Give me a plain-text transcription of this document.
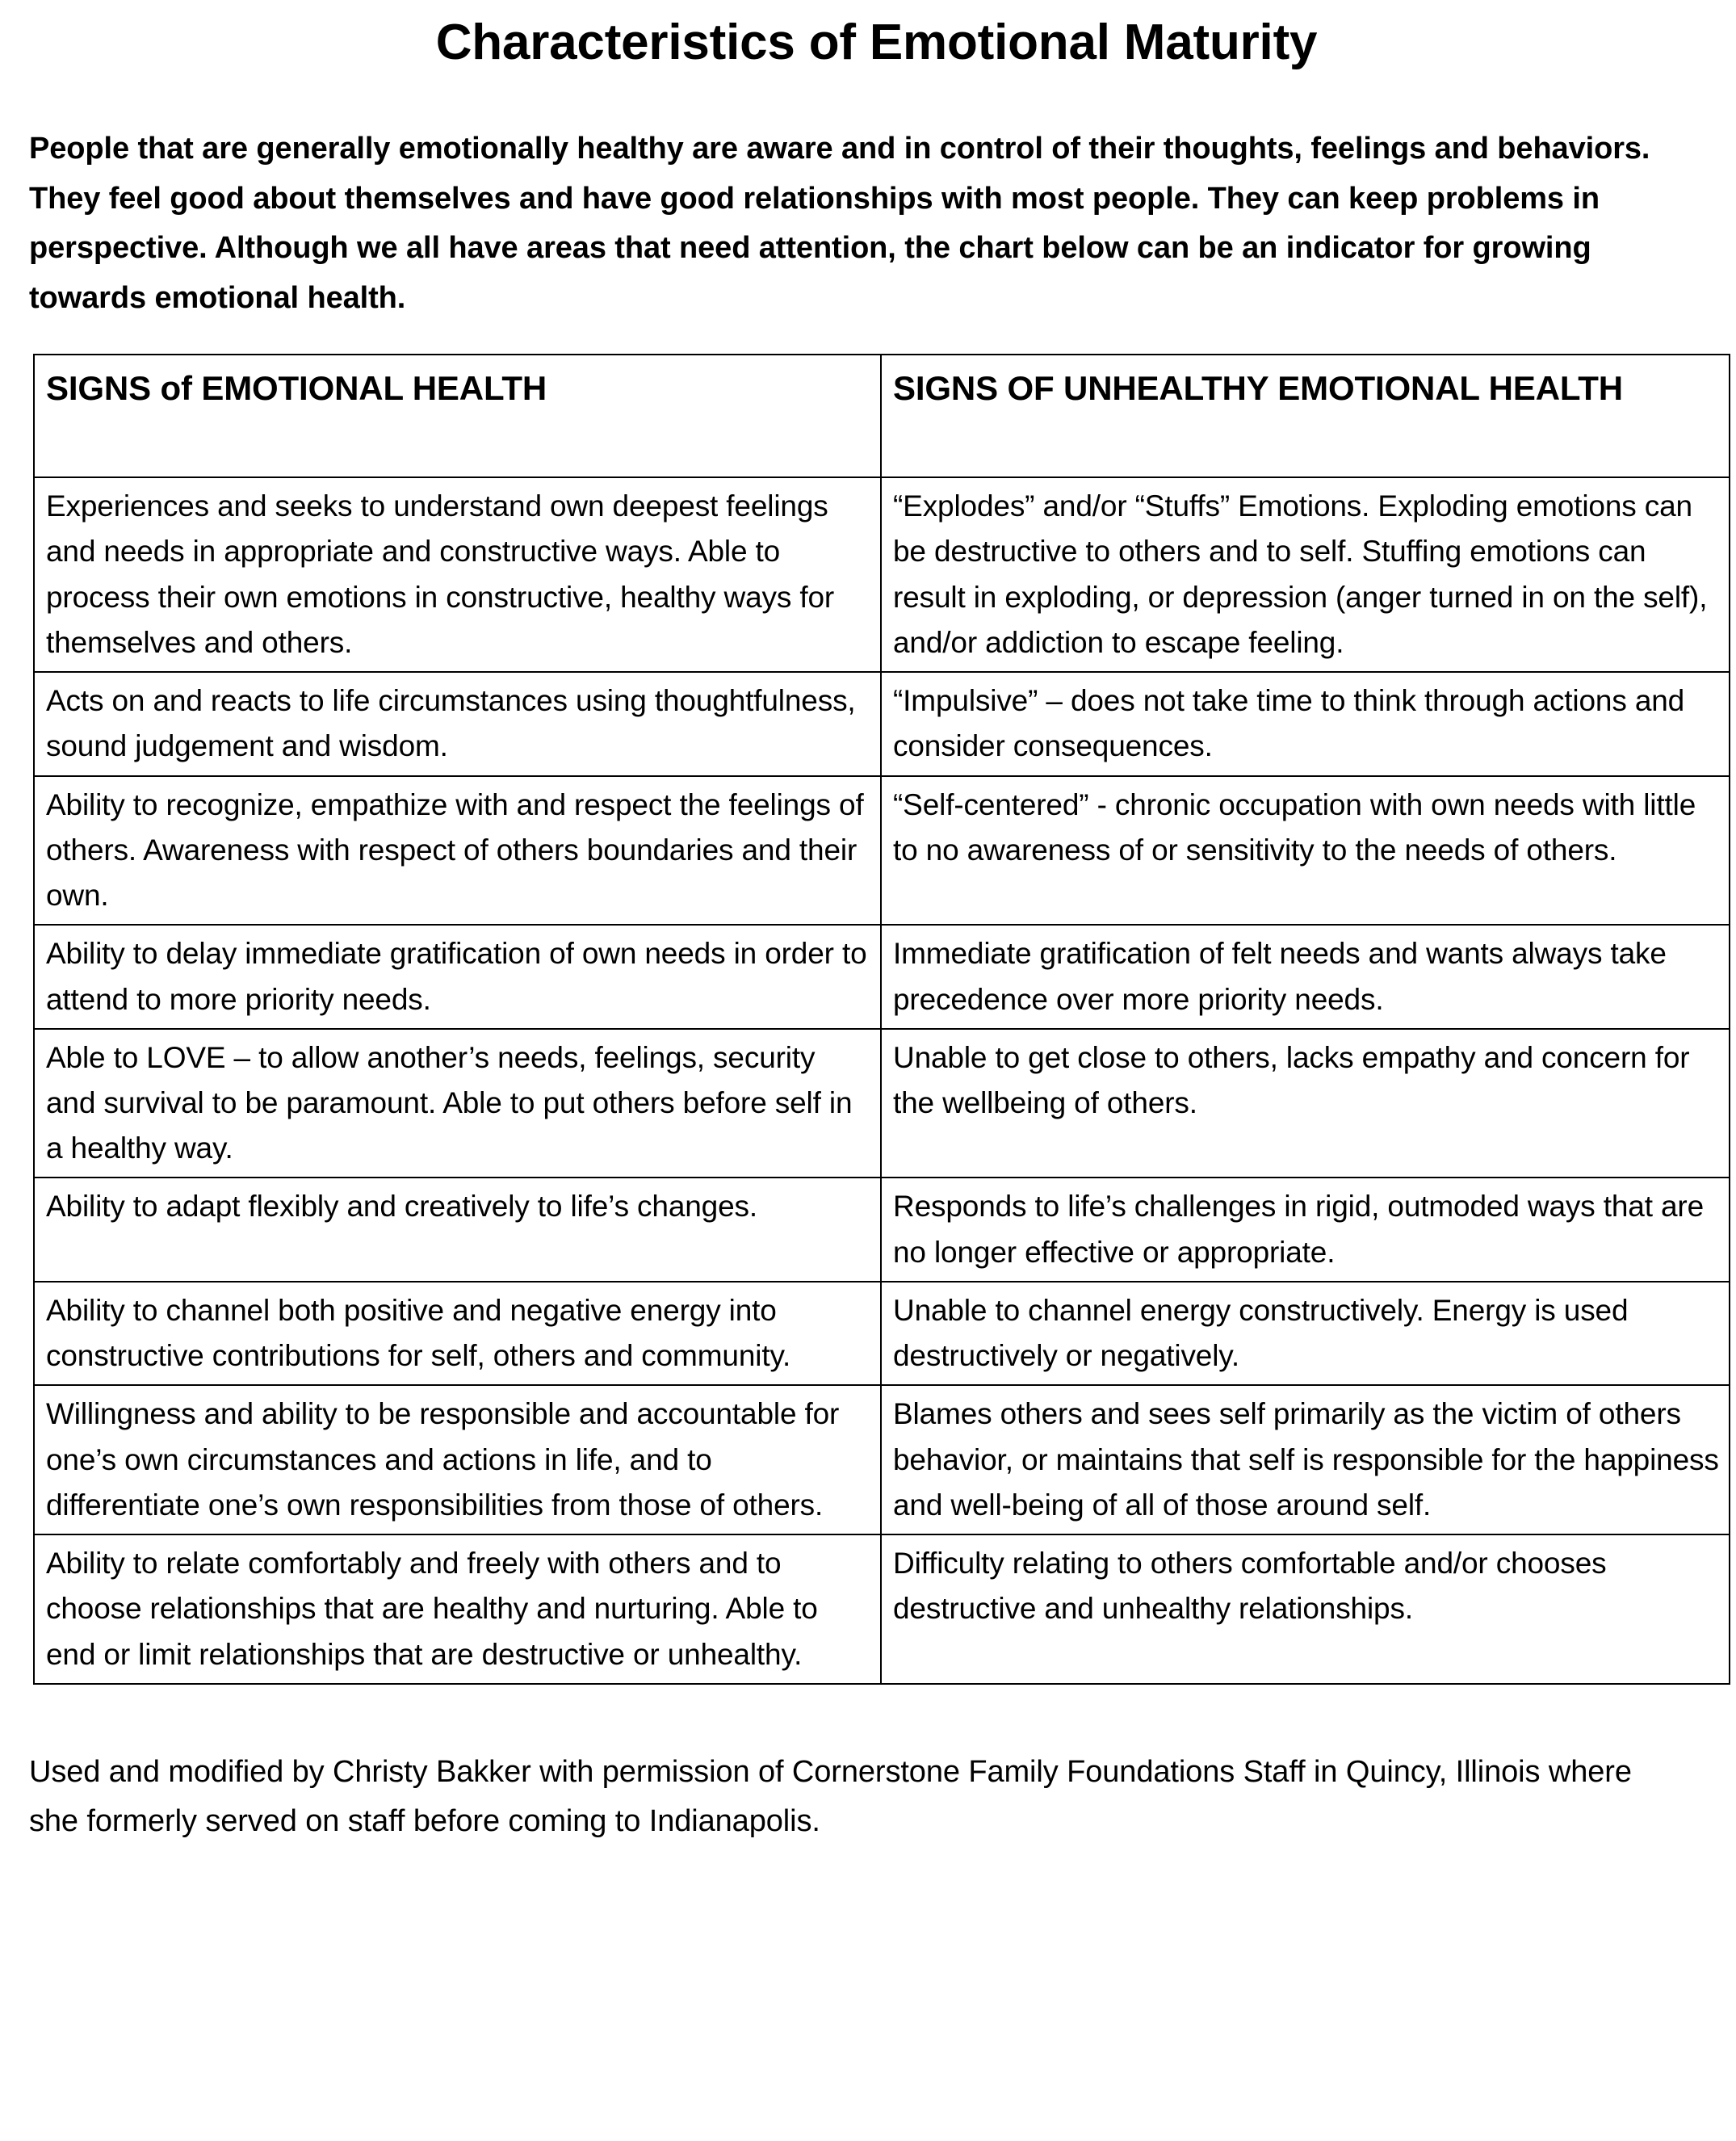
Characteristics of Emotional Maturity

People that are generally emotionally healthy are aware and in control of their thoughts, feelings and behaviors. They feel good about themselves and have good relationships with most people. They can keep problems in perspective. Although we all have areas that need attention, the chart below can be an indicator for growing towards emotional health.

SIGNS of EMOTIONAL HEALTH	SIGNS OF UNHEALTHY EMOTIONAL HEALTH
Experiences and seeks to understand own deepest feelings and needs in appropriate and constructive ways. Able to process their own emotions in constructive, healthy ways for themselves and others.	“Explodes” and/or “Stuffs” Emotions. Exploding emotions can be destructive to others and to self. Stuffing emotions can result in exploding, or depression (anger turned in on the self), and/or addiction to escape feeling.
Acts on and reacts to life circumstances using thoughtfulness, sound judgement and wisdom.	“Impulsive” – does not take time to think through actions and consider consequences.
Ability to recognize, empathize with and respect the feelings of others. Awareness with respect of others boundaries and their own.	“Self-centered” - chronic occupation with own needs with little to no awareness of or sensitivity to the needs of others.
Ability to delay immediate gratification of own needs in order to attend to more priority needs.	Immediate gratification of felt needs and wants always take precedence over more priority needs.
Able to LOVE – to allow another’s needs, feelings, security and survival to be paramount. Able to put others before self in a healthy way.	Unable to get close to others, lacks empathy and concern for the wellbeing of others.
Ability to adapt flexibly and creatively to life’s changes.	Responds to life’s challenges in rigid, outmoded ways that are no longer effective or appropriate.
Ability to channel both positive and negative energy into constructive contributions for self, others and community.	Unable to channel energy constructively. Energy is used destructively or negatively.
Willingness and ability to be responsible and accountable for one’s own circumstances and actions in life, and to differentiate one’s own responsibilities from those of others.	Blames others and sees self primarily as the victim of others behavior, or maintains that self is responsible for the happiness and well-being of all of those around self.
Ability to relate comfortably and freely with others and to choose relationships that are healthy and nurturing. Able to end or limit relationships that are destructive or unhealthy.	Difficulty relating to others comfortable and/or chooses destructive and unhealthy relationships.

Used and modified by Christy Bakker with permission of Cornerstone Family Foundations Staff in Quincy, Illinois where she formerly served on staff before coming to Indianapolis.
